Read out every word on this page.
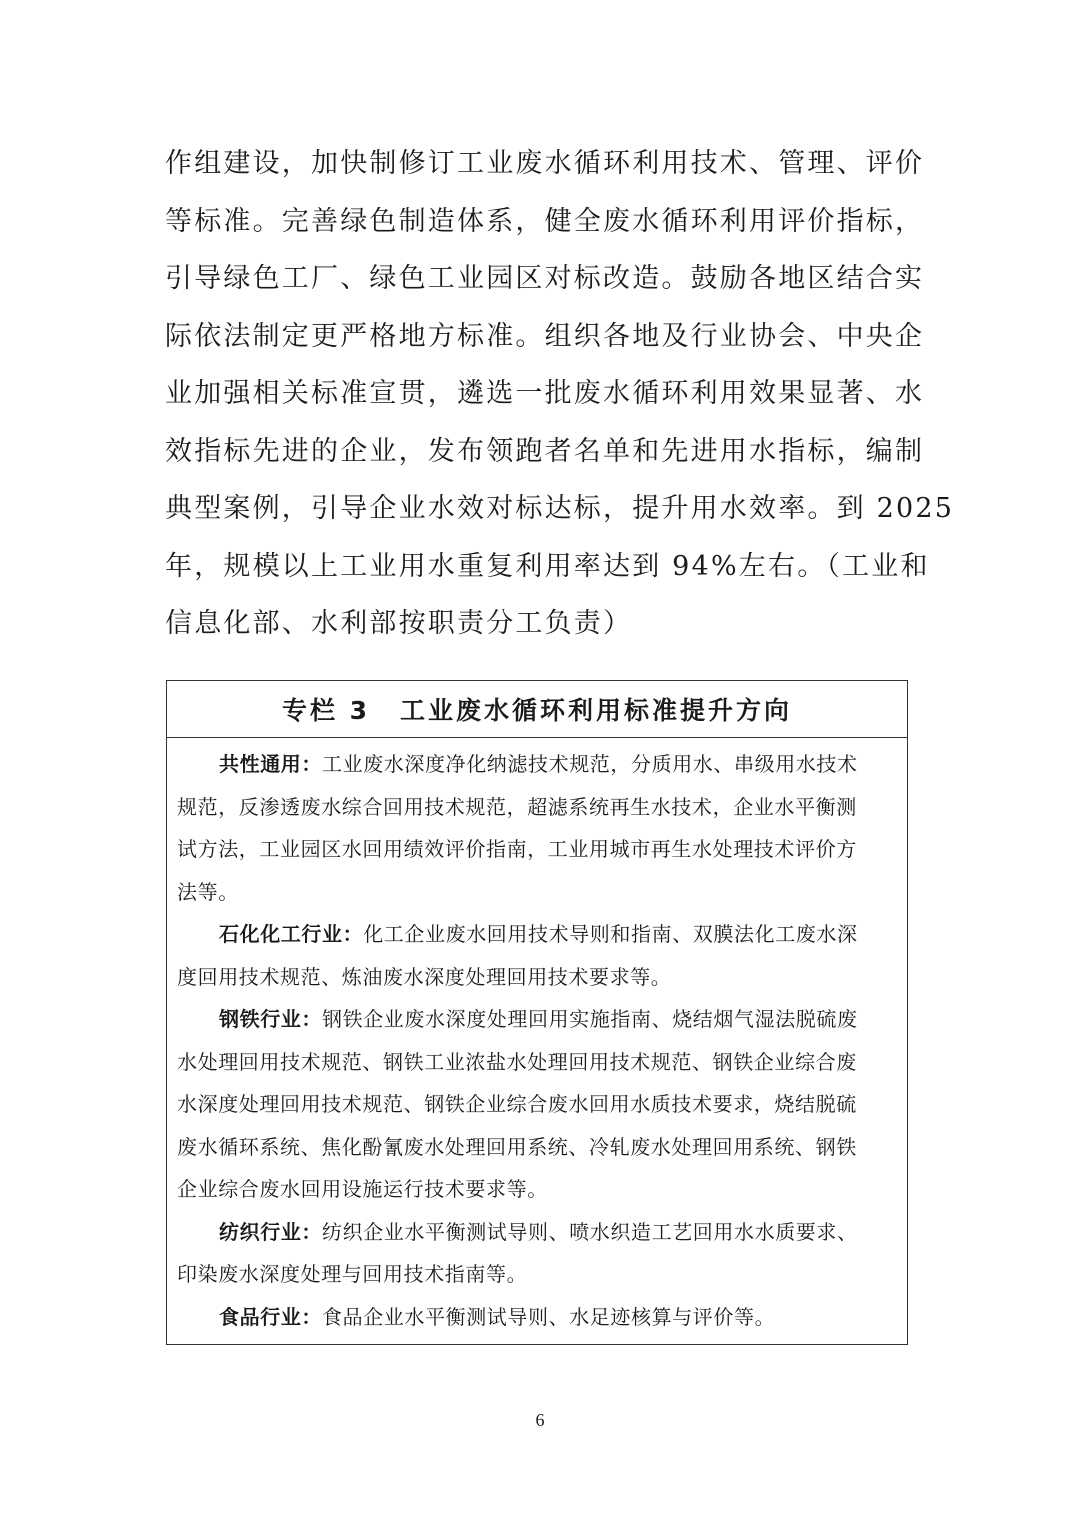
作组建设，加快制修订工业废水循环利用技术、管理、评价
等标准。完善绿色制造体系，健全废水循环利用评价指标，
引导绿色工厂、绿色工业园区对标改造。鼓励各地区结合实
际依法制定更严格地方标准。组织各地及行业协会、中央企
业加强相关标准宣贯，遴选一批废水循环利用效果显著、水
效指标先进的企业，发布领跑者名单和先进用水指标，编制
典型案例，引导企业水效对标达标，提升用水效率。到 2025
年，规模以上工业用水重复利用率达到 94%左右。（工业和
信息化部、水利部按职责分工负责）
专栏 3 工业废水循环利用标准提升方向
共性通用：工业废水深度净化纳滤技术规范，分质用水、串级用水技术
规范，反渗透废水综合回用技术规范，超滤系统再生水技术，企业水平衡测
试方法，工业园区水回用绩效评价指南，工业用城市再生水处理技术评价方
法等。
石化化工行业：化工企业废水回用技术导则和指南、双膜法化工废水深
度回用技术规范、炼油废水深度处理回用技术要求等。
钢铁行业：钢铁企业废水深度处理回用实施指南、烧结烟气湿法脱硫废
水处理回用技术规范、钢铁工业浓盐水处理回用技术规范、钢铁企业综合废
水深度处理回用技术规范、钢铁企业综合废水回用水质技术要求，烧结脱硫
废水循环系统、焦化酚氰废水处理回用系统、冷轧废水处理回用系统、钢铁
企业综合废水回用设施运行技术要求等。
纺织行业：纺织企业水平衡测试导则、喷水织造工艺回用水水质要求、
印染废水深度处理与回用技术指南等。
食品行业：食品企业水平衡测试导则、水足迹核算与评价等。
6
